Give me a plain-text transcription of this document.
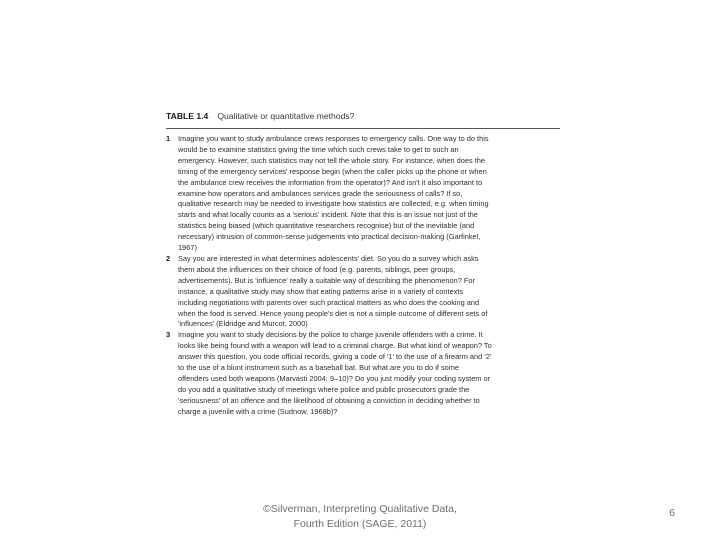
TABLE 1.4 Qualitative or quantitative methods?
1	Imagine you want to study ambulance crews responses to emergency calls. One way to do this
would be to examine statistics giving the time which such crews take to get to such an
emergency. However, such statistics may not tell the whole story. For instance, when does the
timing of the emergency services' response begin (when the caller picks up the phone or when
the ambulance crew receives the information from the operator)? And isn't it also important to
examine how operators and ambulances services grade the seriousness of calls? If so,
qualitative research may be needed to investigate how statistics are collected, e.g. when timing
starts and what locally counts as a 'serious' incident. Note that this is an issue not just of the
statistics being biased (which quantitative researchers recognise) but of the inevitable (and
necessary) intrusion of common-sense judgements into practical decision-making (Garfinkel,
1967)
2	Say you are interested in what determines adolescents' diet. So you do a survey which asks
them about the influences on their choice of food (e.g. parents, siblings, peer groups,
advertisements). But is 'influence' really a suitable way of describing the phenomenon? For
instance, a qualitative study may show that eating patterns arise in a variety of contexts
including negotiations with parents over such practical matters as who does the cooking and
when the food is served. Hence young people's diet is not a simple outcome of different sets of
'influences' (Eldridge and Murcot, 2000)
3	Imagine you want to study decisions by the police to charge juvenile offenders with a crime. It
looks like being found with a weapon will lead to a criminal charge. But what kind of weapon? To
answer this question, you code official records, giving a code of '1' to the use of a firearm and '2'
to the use of a blunt instrument such as a baseball bat. But what are you to do if some
offenders used both weapons (Marvasti 2004: 9–10)? Do you just modify your coding system or
do you add a qualitative study of meetings where police and public prosecutors grade the
'seriousness' of an offence and the likelihood of obtaining a conviction in deciding whether to
charge a juvenile with a crime (Sudnow, 1968b)?
©Silverman, Interpreting Qualitative Data,
Fourth Edition (SAGE, 2011)
6
